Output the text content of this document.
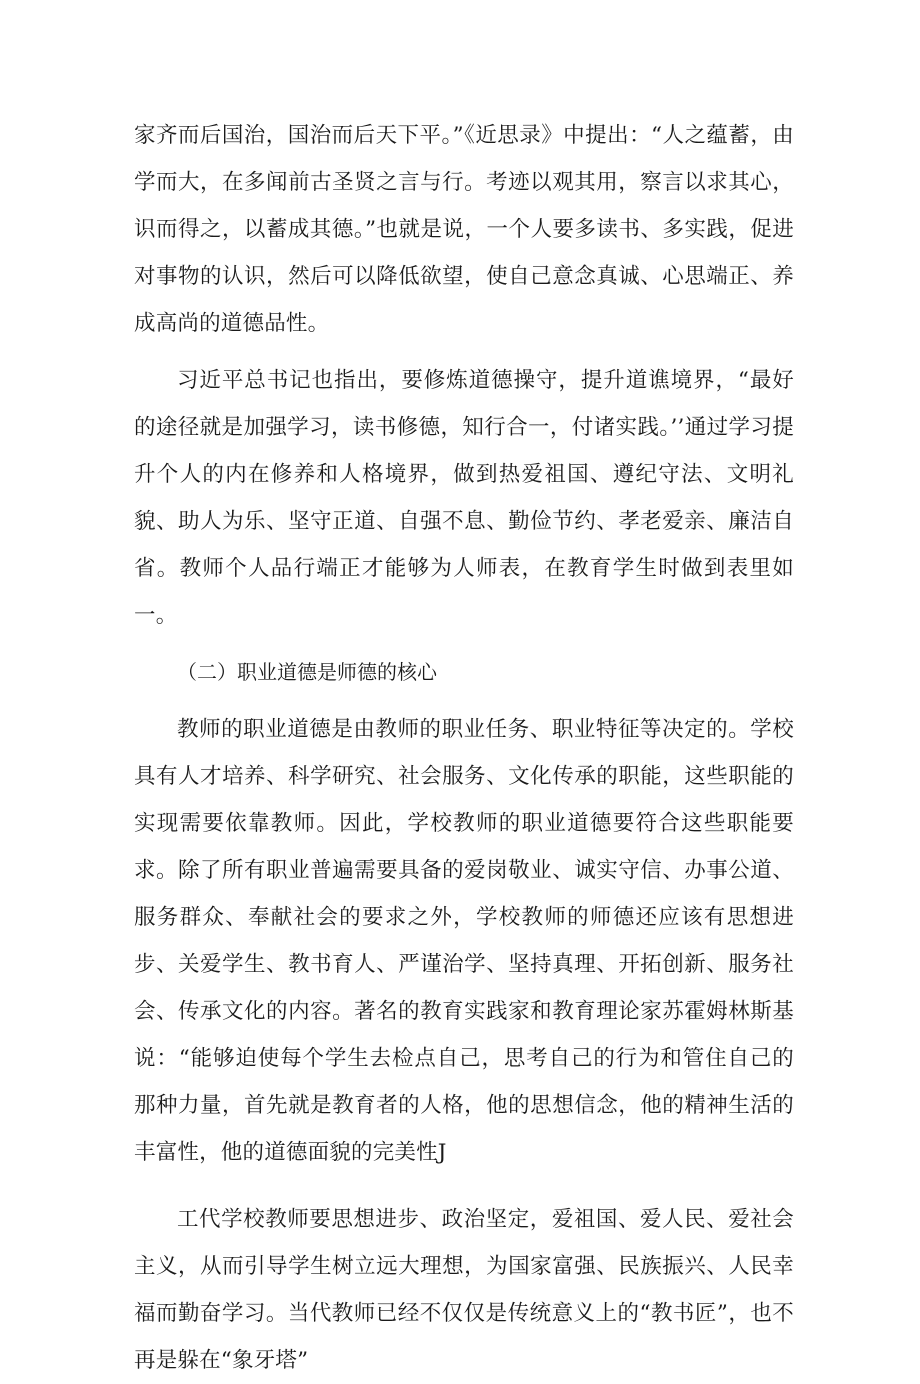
家齐而后国治，国治而后天下平。”《近思录》中提出：“人之蕴蓄，由学而大，在多闻前古圣贤之言与行。考迹以观其用，察言以求其心，识而得之，以蓄成其德。”也就是说，一个人要多读书、多实践，促进对事物的认识，然后可以降低欲望，使自己意念真诚、心思端正、养成高尚的道德品性。

习近平总书记也指出，要修炼道德操守，提升道谯境界，“最好的途径就是加强学习，读书修德，知行合一，付诸实践。’’通过学习提升个人的内在修养和人格境界，做到热爱祖国、遵纪守法、文明礼貌、助人为乐、坚守正道、自强不息、勤俭节约、孝老爱亲、廉洁自省。教师个人品行端正才能够为人师表，在教育学生时做到表里如一。

（二）职业道德是师德的核心

教师的职业道德是由教师的职业任务、职业特征等决定的。学校具有人才培养、科学研究、社会服务、文化传承的职能，这些职能的实现需要依靠教师。因此，学校教师的职业道德要符合这些职能要求。除了所有职业普遍需要具备的爱岗敬业、诚实守信、办事公道、服务群众、奉献社会的要求之外，学校教师的师德还应该有思想进步、关爱学生、教书育人、严谨治学、坚持真理、开拓创新、服务社会、传承文化的内容。著名的教育实践家和教育理论家苏霍姆林斯基说：“能够迫使每个学生去检点自己，思考自己的行为和管住自己的那种力量，首先就是教育者的人格，他的思想信念，他的精神生活的丰富性，他的道德面貌的完美性J

工代学校教师要思想进步、政治坚定，爱祖国、爱人民、爱社会主义，从而引导学生树立远大理想，为国家富强、民族振兴、人民幸福而勤奋学习。当代教师已经不仅仅是传统意义上的“教书匠”，也不再是躲在“象牙塔”
